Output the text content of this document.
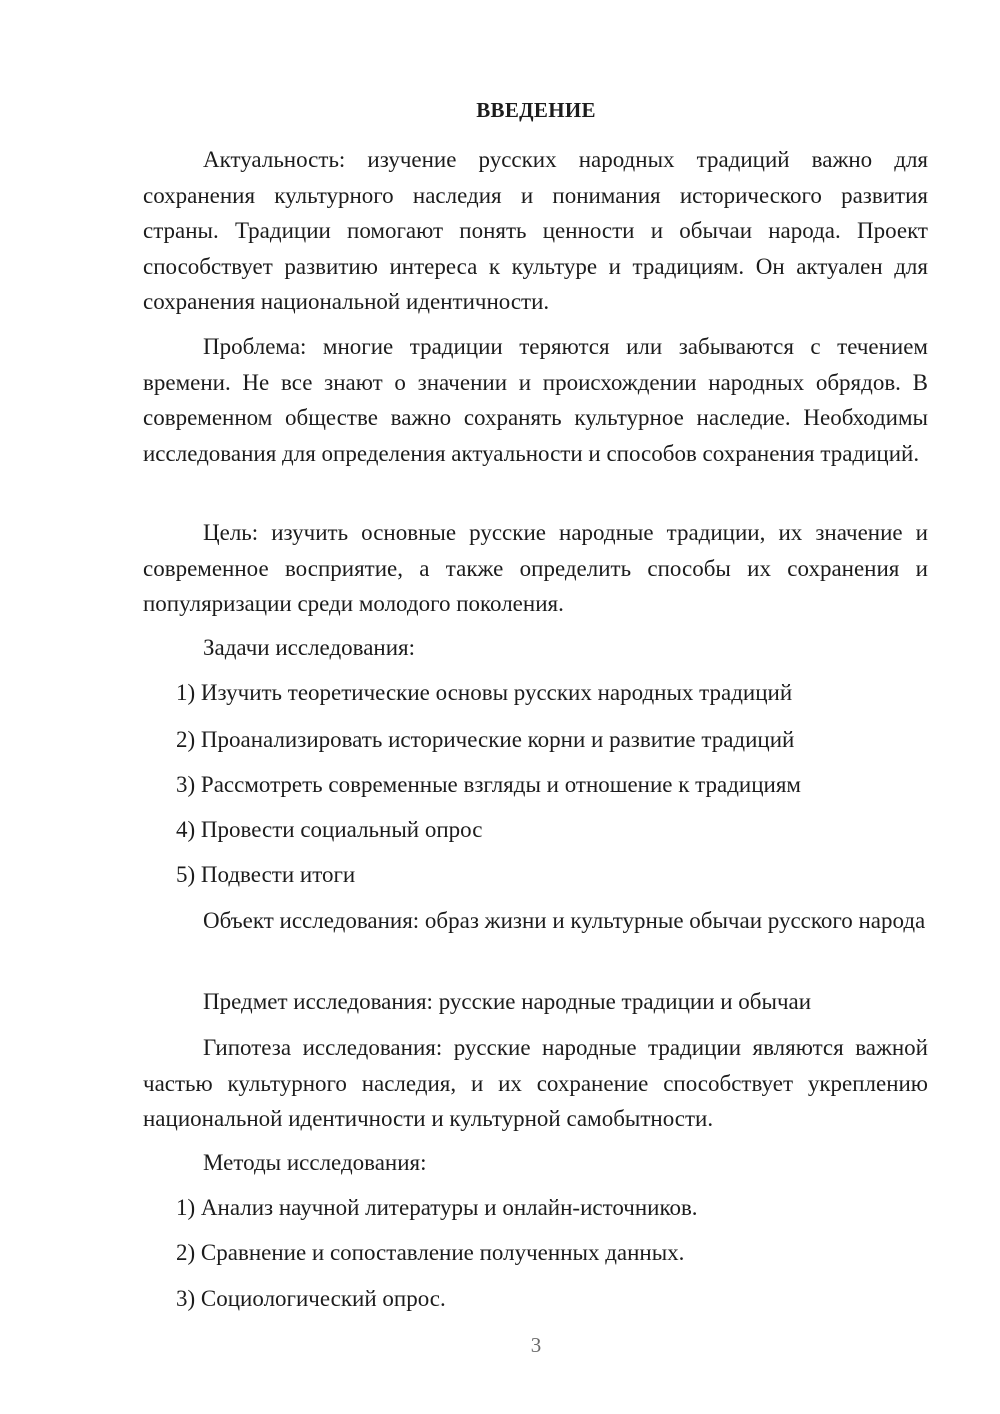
ВВЕДЕНИЕ

Актуальность: изучение русских народных традиций важно для сохранения культурного наследия и понимания исторического развития страны. Традиции помогают понять ценности и обычаи народа. Проект способствует развитию интереса к культуре и традициям. Он актуален для сохранения национальной идентичности.

Проблема: многие традиции теряются или забываются с течением времени. Не все знают о значении и происхождении народных обрядов. В современном обществе важно сохранять культурное наследие. Необходимы исследования для определения актуальности и способов сохранения традиций.

Цель: изучить основные русские народные традиции, их значение и современное восприятие, а также определить способы их сохранения и популяризации среди молодого поколения.

Задачи исследования:

1) Изучить теоретические основы русских народных традиций

2) Проанализировать исторические корни и развитие традиций

3) Рассмотреть современные взгляды и отношение к традициям

4) Провести социальный опрос

5) Подвести итоги

Объект исследования: образ жизни и культурные обычаи русского народа

Предмет исследования: русские народные традиции и обычаи

Гипотеза исследования: русские народные традиции являются важной частью культурного наследия, и их сохранение способствует укреплению национальной идентичности и культурной самобытности.

Методы исследования:

1) Анализ научной литературы и онлайн-источников.

2) Сравнение и сопоставление полученных данных.

3) Социологический опрос.

3
